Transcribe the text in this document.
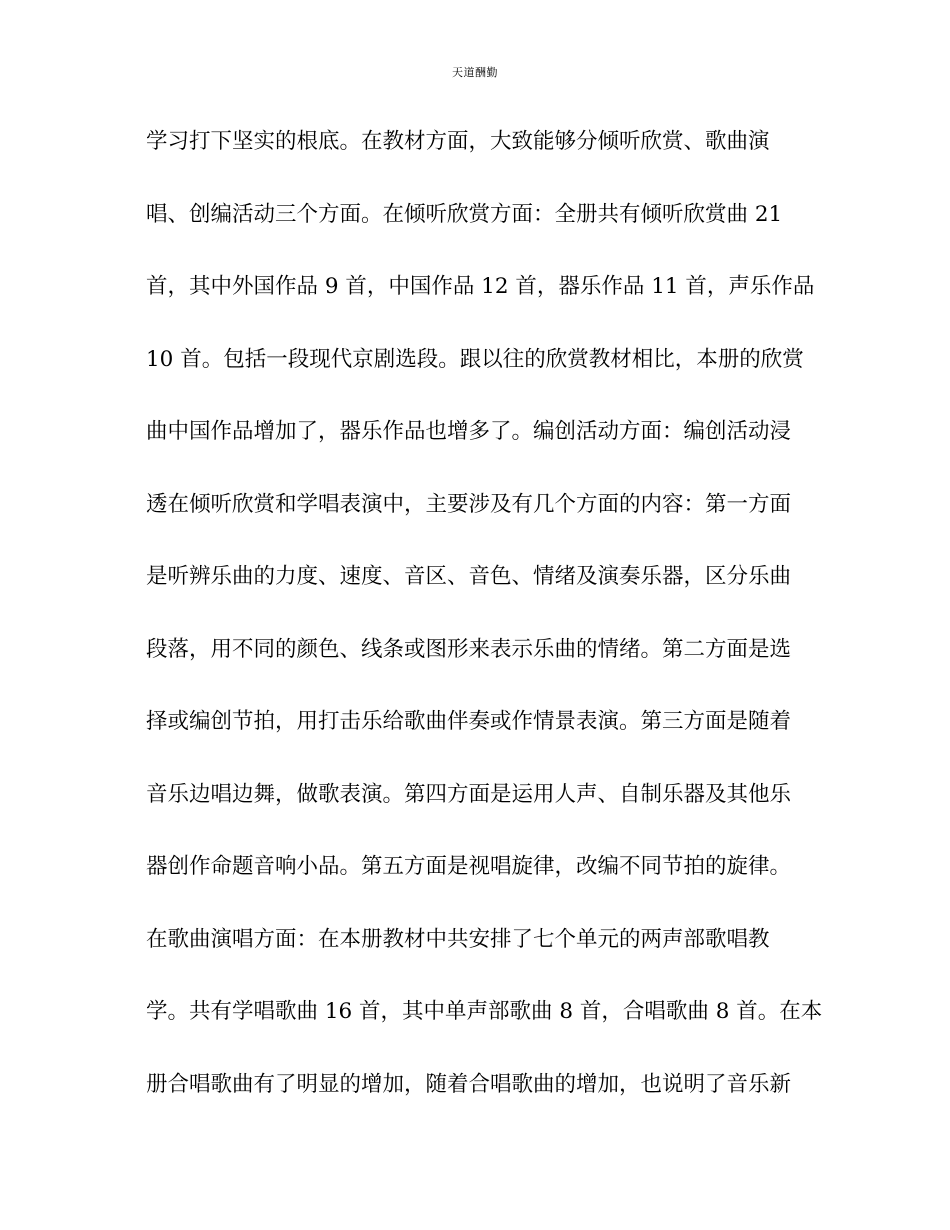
天道酬勤
学习打下坚实的根底。在教材方面，大致能够分倾听欣赏、歌曲演
唱、创编活动三个方面。在倾听欣赏方面：全册共有倾听欣赏曲 21
首，其中外国作品 9 首，中国作品 12 首，器乐作品 11 首，声乐作品
10 首。包括一段现代京剧选段。跟以往的欣赏教材相比，本册的欣赏
曲中国作品增加了，器乐作品也增多了。编创活动方面：编创活动浸
透在倾听欣赏和学唱表演中，主要涉及有几个方面的内容：第一方面
是听辨乐曲的力度、速度、音区、音色、情绪及演奏乐器，区分乐曲
段落，用不同的颜色、线条或图形来表示乐曲的情绪。第二方面是选
择或编创节拍，用打击乐给歌曲伴奏或作情景表演。第三方面是随着
音乐边唱边舞，做歌表演。第四方面是运用人声、自制乐器及其他乐
器创作命题音响小品。第五方面是视唱旋律，改编不同节拍的旋律。
在歌曲演唱方面：在本册教材中共安排了七个单元的两声部歌唱教
学。共有学唱歌曲 16 首，其中单声部歌曲 8 首，合唱歌曲 8 首。在本
册合唱歌曲有了明显的增加，随着合唱歌曲的增加，也说明了音乐新
